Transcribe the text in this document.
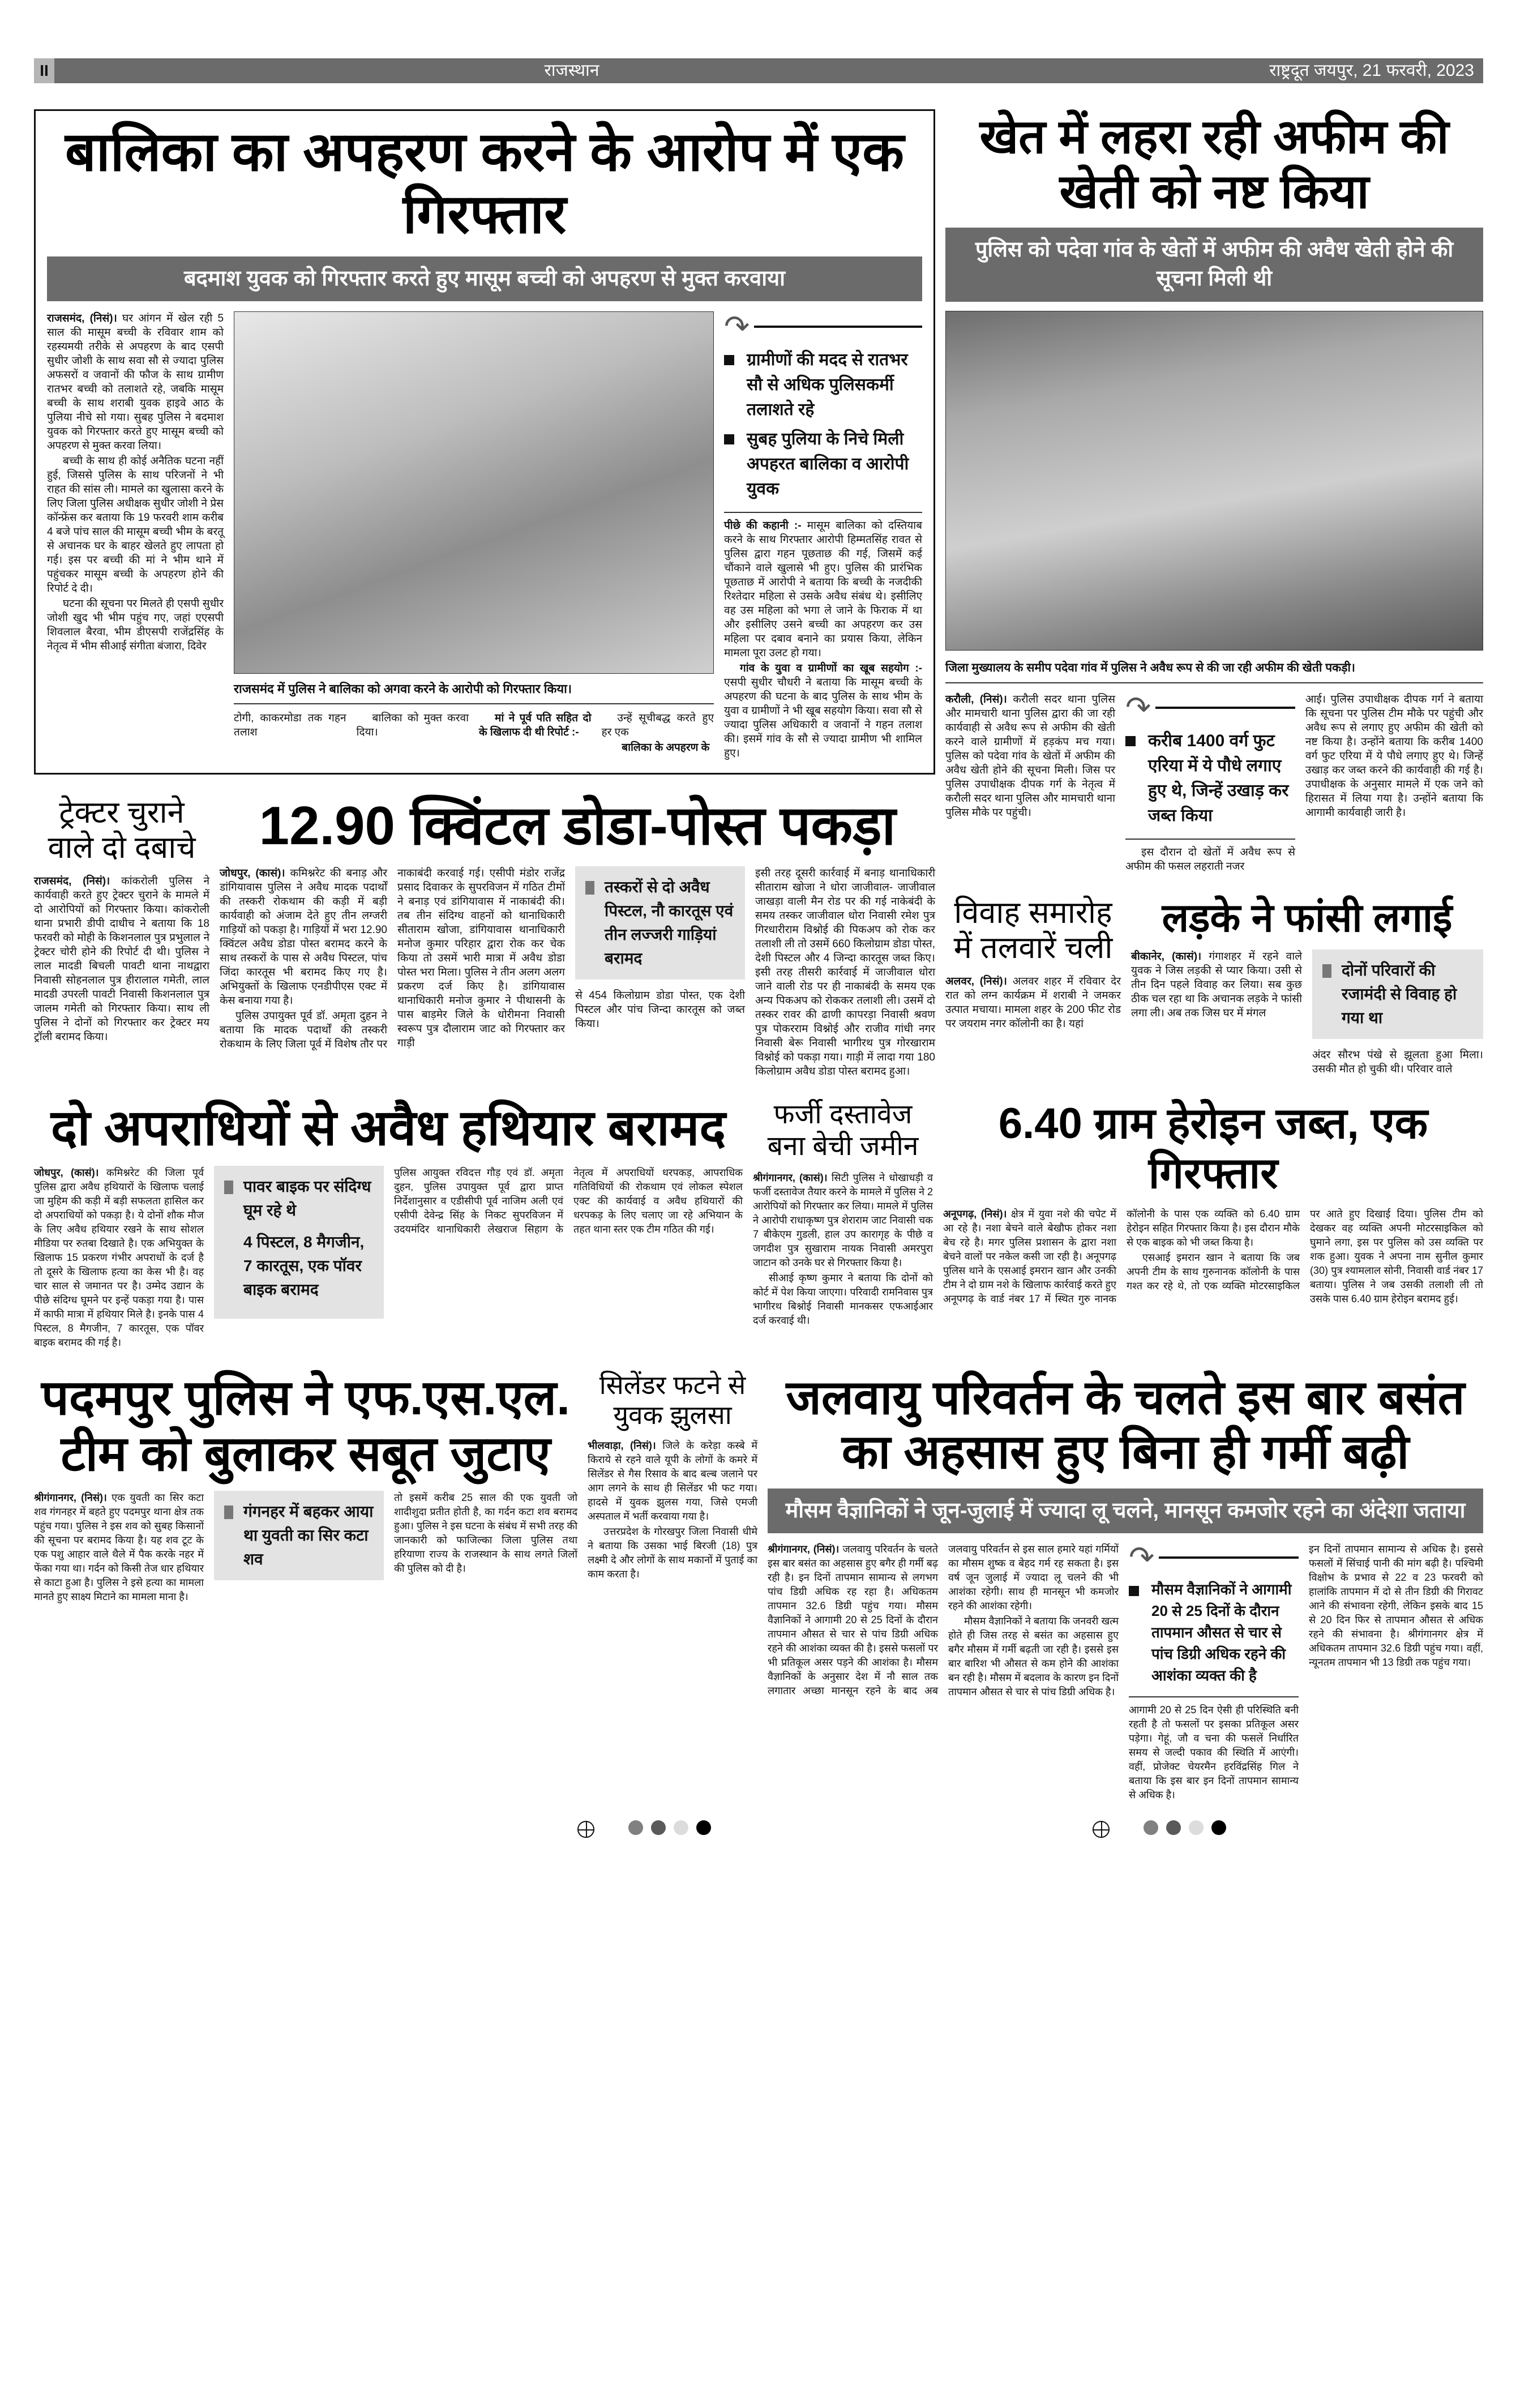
II	राजस्थान	राष्ट्रदूत जयपुर, 21 फरवरी, 2023
बालिका का अपहरण करने के आरोप में एक गिरफ्तार
बदमाश युवक को गिरफ्तार करते हुए मासूम बच्ची को अपहरण से मुक्त करवाया

राजसमंद, (निसं)। घर आंगन में खेल रही 5 साल की मासूम बच्ची के रविवार शाम को रहस्यमयी तरीके से अपहरण के बाद एसपी सुधीर जोशी के साथ सवा सौ से ज्यादा पुलिस अफसरों व जवानों की फौज के साथ ग्रामीण रातभर बच्ची को तलाशते रहे, जबकि मासूम बच्ची के साथ शराबी युवक हाइवे आठ के पुलिया नीचे सो गया। सुबह पुलिस ने बदमाश युवक को गिरफ्तार करते हुए मासूम बच्ची को अपहरण से मुक्त करवा लिया।

बच्ची के साथ ही कोई अनैतिक घटना नहीं हुई, जिससे पुलिस के साथ परिजनों ने भी राहत की सांस ली। मामले का खुलासा करने के लिए जिला पुलिस अधीक्षक सुधीर जोशी ने प्रेस कॉन्फ्रेंस कर बताया कि 19 फरवरी शाम करीब 4 बजे पांच साल की मासूम बच्ची भीम के बरतू से अचानक घर के बाहर खेलते हुए लापता हो गई। इस पर बच्ची की मां ने भीम थाने में पहुंचकर मासूम बच्ची के अपहरण होने की रिपोर्ट दे दी।

घटना की सूचना पर मिलते ही एसपी सुधीर जोशी खुद भी भीम पहुंच गए, जहां एएसपी शिवलाल बैरवा, भीम डीएसपी राजेंद्रसिंह के नेतृत्व में भीम सीआई संगीता बंजारा, दिवेर

राजसमंद में पुलिस ने बालिका को अगवा करने के आरोपी को गिरफ्तार किया।

टोगी, काकरमोडा तक गहन तलाश

बालिका को मुक्त करवा दिया।

मां ने पूर्व पति सहित दो के खिलाफ दी थी रिपोर्ट :-

उन्हें सूचीबद्ध करते हुए हर एक

बालिका के अपहरण के

↷
ग्रामीणों की मदद से रातभर सौ से अधिक पुलिसकर्मी तलाशते रहे
सुबह पुलिया के निचे मिली अपहरत बालिका व आरोपी युवक

पीछे की कहानी :- मासूम बालिका को दस्तियाब करने के साथ गिरफ्तार आरोपी हिम्मतसिंह रावत से पुलिस द्वारा गहन पूछताछ की गई, जिसमें कई चौंकाने वाले खुलासे भी हुए। पुलिस की प्रारंभिक पूछताछ में आरोपी ने बताया कि बच्ची के नजदीकी रिश्तेदार महिला से उसके अवैध संबंध थे। इसीलिए वह उस महिला को भगा ले जाने के फिराक में था और इसीलिए उसने बच्ची का अपहरण कर उस महिला पर दबाव बनाने का प्रयास किया, लेकिन मामला पूरा उलट हो गया।

गांव के युवा व ग्रामीणों का खूब सहयोग :- एसपी सुधीर चौधरी ने बताया कि मासूम बच्ची के अपहरण की घटना के बाद पुलिस के साथ भीम के युवा व ग्रामीणों ने भी खूब सहयोग किया। सवा सौ से ज्यादा पुलिस अधिकारी व जवानों ने गहन तलाश की। इसमें गांव के सौ से ज्यादा ग्रामीण भी शामिल हुए।

ट्रेक्टर चुराने वाले दो दबाचे

राजसमंद, (निसं)। कांकरोली पुलिस ने कार्यवाही करते हुए ट्रेक्टर चुराने के मामले में दो आरोपियों को गिरफ्तार किया। कांकरोली थाना प्रभारी डीपी दाधीच ने बताया कि 18 फरवरी को मोही के किशनलाल पुत्र प्रभुलाल ने ट्रेक्टर चोरी होने की रिपोर्ट दी थी। पुलिस ने लाल मादडी बिचली पावटी थाना नाथद्वारा निवासी सोहनलाल पुत्र हीरालाल गमेती, लाल मादडी उपरली पावटी निवासी किशनलाल पुत्र जालम गमेती को गिरफ्तार किया। साथ ली पुलिस ने दोनों को गिरफ्तार कर ट्रेक्टर मय ट्रॉली बरामद किया।

12.90 क्विंटल डोडा-पोस्त पकड़ा

जोधपुर, (कासं)। कमिश्नरेट की बनाड़ और डांगियावास पुलिस ने अवैध मादक पदार्थों की तस्करी रोकथाम की कड़ी में बड़ी कार्यवाही को अंजाम देते हुए तीन लग्जरी गाड़ियों को पकड़ा है। गाड़ियों में भरा 12.90 क्विंटल अवैध डोडा पोस्त बरामद करने के साथ तस्करों के पास से अवैध पिस्टल, पांच जिंदा कारतूस भी बरामद किए गए है। अभियुक्तों के खिलाफ एनडीपीएस एक्ट में केस बनाया गया है।

पुलिस उपायुक्त पूर्व डॉ. अमृता दुहन ने बताया कि मादक पदार्थों की तस्करी रोकथाम के लिए जिला पूर्व में विशेष तौर पर नाकाबंदी करवाई गई। एसीपी मंडोर राजेंद्र प्रसाद दिवाकर के सुपरविजन में गठित टीमों ने बनाड़ एवं डांगियावास में नाकाबंदी की। तब तीन संदिग्ध वाहनों को थानाधिकारी सीताराम खोजा, डांगियावास थानाधिकारी मनोज कुमार परिहार द्वारा रोक कर चेक किया तो उसमें भारी मात्रा में अवैध डोडा पोस्त भरा मिला। पुलिस ने तीन अलग अलग प्रकरण दर्ज किए है। डांगियावास थानाधिकारी मनोज कुमार ने पीथासनी के पास बाड़मेर जिले के धोरीमना निवासी स्वरूप पुत्र दौलाराम जाट को गिरफ्तार कर गाड़ी

तस्करों से दो अवैध पिस्टल, नौ कारतूस एवं तीन लज्जरी गाड़ियां बरामद

से 454 किलोग्राम डोडा पोस्त, एक देशी पिस्टल और पांच जिन्दा कारतूस को जब्त किया।

इसी तरह दूसरी कार्रवाई में बनाड़ थानाधिकारी सीताराम खोजा ने धोरा जाजीवाल- जाजीवाल जाखड़ा वाली मैन रोड पर की गई नाकेबंदी के समय तस्कर जाजीवाल धोरा निवासी रमेश पुत्र गिरधारीराम विश्नोई की पिकअप को रोक कर तलाशी ली तो उसमें 660 किलोग्राम डोडा पोस्त, देशी पिस्टल और 4 जिन्दा कारतूस जब्त किए। इसी तरह तीसरी कार्रवाई में जाजीवाल धोरा जाने वाली रोड पर ही नाकाबंदी के समय एक अन्य पिकअप को रोककर तलाशी ली। उसमें दो तस्कर रावर की ढाणी कापरड़ा निवासी श्रवण पुत्र पोकरराम विश्नोई और राजीव गांधी नगर निवासी बेरू निवासी भागीरथ पुत्र गोरखाराम विश्नोई को पकड़ा गया। गाड़ी में लादा गया 180 किलोग्राम अवैध डोडा पोस्त बरामद हुआ।

खेत में लहरा रही अफीम की खेती को नष्ट किया
पुलिस को पदेवा गांव के खेतों में अफीम की अवैध खेती होने की सूचना मिली थी
जिला मुख्यालय के समीप पदेवा गांव में पुलिस ने अवैध रूप से की जा रही अफीम की खेती पकड़ी।

करौली, (निसं)। करौली सदर थाना पुलिस और मामचारी थाना पुलिस द्वारा की जा रही कार्यवाही से अवैध रूप से अफीम की खेती करने वाले ग्रामीणों में हड़कंप मच गया। पुलिस को पदेवा गांव के खेतों में अफीम की अवैध खेती होने की सूचना मिली। जिस पर पुलिस उपाधीक्षक दीपक गर्ग के नेतृत्व में करौली सदर थाना पुलिस और मामचारी थाना पुलिस मौके पर पहुंची।

↷
करीब 1400 वर्ग फुट एरिया में ये पौधे लगाए हुए थे, जिन्हें उखाड़ कर जब्त किया

इस दौरान दो खेतों में अवैध रूप से अफीम की फसल लहराती नजर

आई। पुलिस उपाधीक्षक दीपक गर्ग ने बताया कि सूचना पर पुलिस टीम मौके पर पहुंची और अवैध रूप से लगाए हुए अफीम की खेती को नष्ट किया है। उन्होंने बताया कि करीब 1400 वर्ग फुट एरिया में ये पौधे लगाए हुए थे। जिन्हें उखाड़ कर जब्त करने की कार्यवाही की गई है। उपाधीक्षक के अनुसार मामले में एक जने को हिरासत में लिया गया है। उन्होंने बताया कि आगामी कार्यवाही जारी है।

विवाह समारोह में तलवारें चली

अलवर, (निसं)। अलवर शहर में रविवार देर रात को लग्न कार्यक्रम में शराबी ने जमकर उत्पात मचाया। मामला शहर के 200 फीट रोड पर जयराम नगर कॉलोनी का है। यहां

लड़के ने फांसी लगाई

बीकानेर, (कासं)। गंगाशहर में रहने वाले युवक ने जिस लड़की से प्यार किया। उसी से तीन दिन पहले विवाह कर लिया। सब कुछ ठीक चल रहा था कि अचानक लड़के ने फांसी लगा ली। अब तक जिस घर में मंगल

दोनों परिवारों की रजामंदी से विवाह हो गया था

अंदर सौरभ पंखे से झूलता हुआ मिला। उसकी मौत हो चुकी थी। परिवार वाले

दो अपराधियों से अवैध हथियार बरामद

जोधपुर, (कासं)। कमिश्नरेट की जिला पूर्व पुलिस द्वारा अवैध हथियारों के खिलाफ चलाई जा मुहिम की कड़ी में बड़ी सफलता हासिल कर दो अपराधियों को पकड़ा है। ये दोनों शौक मौज के लिए अवैध हथियार रखने के साथ सोशल मीडिया पर रुतबा दिखाते है। एक अभियुक्त के खिलाफ 15 प्रकरण गंभीर अपराधों के दर्ज है तो दूसरे के खिलाफ हत्या का केस भी है। वह चार साल से जमानत पर है। उम्मेद उद्यान के पीछे संदिग्ध घूमने पर इन्हें पकड़ा गया है। पास में काफी मात्रा में हथियार मिले है। इनके पास 4 पिस्टल, 8 मैगजीन, 7 कारतूस, एक पॉवर बाइक बरामद की गई है।

पावर बाइक पर संदिग्ध घूम रहे थे
4 पिस्टल, 8 मैगजीन, 7 कारतूस, एक पॉवर बाइक बरामद

पुलिस आयुक्त रविदत्त गौड़ एवं डॉ. अमृता दुहन, पुलिस उपायुक्त पूर्व द्वारा प्राप्त निर्देशानुसार व एडीसीपी पूर्व नाजिम अली एवं एसीपी देवेन्द्र सिंह के निकट सुपरविजन में उदयमंदिर थानाधिकारी लेखराज सिहाग के नेतृत्व में अपराधियों धरपकड़, आपराधिक गतिविधियों की रोकथाम एवं लोकल स्पेशल एक्ट की कार्यवाई व अवैध हथियारों की धरपकड़ के लिए चलाए जा रहे अभियान के तहत थाना स्तर एक टीम गठित की गई।

फर्जी दस्तावेज बना बेची जमीन

श्रीगंगानगर, (कासं)। सिटी पुलिस ने धोखाधड़ी व फर्जी दस्तावेज तैयार करने के मामले में पुलिस ने 2 आरोपियों को गिरफ्तार कर लिया। मामले में पुलिस ने आरोपी राधाकृष्ण पुत्र शेराराम जाट निवासी चक 7 बीकेएम गुडली, हाल उप कारागृह के पीछे व जगदीश पुत्र सुखाराम नायक निवासी अमरपुरा जाटान को उनके घर से गिरफ्तार किया है।

सीआई कृष्ण कुमार ने बताया कि दोनों को कोर्ट में पेश किया जाएगा। परिवादी रामनिवास पुत्र भागीरथ बिश्नोई निवासी मानकसर एफआईआर दर्ज करवाई थी।

6.40 ग्राम हेरोइन जब्त, एक गिरफ्तार

अनूपगढ़, (निसं)। क्षेत्र में युवा नशे की चपेट में आ रहे है। नशा बेचने वाले बेखौफ होकर नशा बेच रहे है। मगर पुलिस प्रशासन के द्वारा नशा बेचने वालों पर नकेल कसी जा रही है। अनूपगढ़ पुलिस थाने के एसआई इमरान खान और उनकी टीम ने दो ग्राम नशे के खिलाफ कार्रवाई करते हुए अनूपगढ़ के वार्ड नंबर 17 में स्थित गुरु नानक कॉलोनी के पास एक व्यक्ति को 6.40 ग्राम हेरोइन सहित गिरफ्तार किया है। इस दौरान मौके से एक बाइक को भी जब्त किया है।

एसआई इमरान खान ने बताया कि जब अपनी टीम के साथ गुरुनानक कॉलोनी के पास गश्त कर रहे थे, तो एक व्यक्ति मोटरसाइकिल पर आते हुए दिखाई दिया। पुलिस टीम को देखकर वह व्यक्ति अपनी मोटरसाइकिल को घुमाने लगा, इस पर पुलिस को उस व्यक्ति पर शक हुआ। युवक ने अपना नाम सुनील कुमार (30) पुत्र श्यामलाल सोनी, निवासी वार्ड नंबर 17 बताया। पुलिस ने जब उसकी तलाशी ली तो उसके पास 6.40 ग्राम हेरोइन बरामद हुई।

पदमपुर पुलिस ने एफ.एस.एल. टीम को बुलाकर सबूत जुटाए

श्रीगंगानगर, (निसं)। एक युवती का सिर कटा शव गंगनहर में बहते हुए पदमपुर थाना क्षेत्र तक पहुंच गया। पुलिस ने इस शव को सुबह किसानों की सूचना पर बरामद किया है। यह शव टूट के एक पशु आहार वाले थैले में पैक करके नहर में फेंका गया था। गर्दन को किसी तेज धार हथियार से काटा हुआ है। पुलिस ने इसे हत्या का मामला मानते हुए साक्ष्य मिटाने का मामला माना है।

गंगनहर में बहकर आया था युवती का सिर कटा शव

तो इसमें करीब 25 साल की एक युवती जो शादीशुदा प्रतीत होती है, का गर्दन कटा शव बरामद हुआ। पुलिस ने इस घटना के संबंध में सभी तरह की जानकारी को फाजिल्का जिला पुलिस तथा हरियाणा राज्य के राजस्थान के साथ लगते जिलों की पुलिस को दी है।

सिलेंडर फटने से युवक झुलसा

भीलवाड़ा, (निसं)। जिले के करेड़ा कस्बे में किराये से रहने वाले यूपी के लोगों के कमरे में सिलेंडर से गैस रिसाव के बाद बल्ब जलाने पर आग लगने के साथ ही सिलेंडर भी फट गया। हादसे में युवक झुलस गया, जिसे एमजी अस्पताल में भर्ती करवाया गया है।

उत्तरप्रदेश के गोरखपुर जिला निवासी धीमे ने बताया कि उसका भाई बिरजी (18) पुत्र लक्ष्मी दे और लोगों के साथ मकानों में पुताई का काम करता है।

जलवायु परिवर्तन के चलते इस बार बसंत का अहसास हुए बिना ही गर्मी बढ़ी
मौसम वैज्ञानिकों ने जून-जुलाई में ज्यादा लू चलने, मानसून कमजोर रहने का अंदेशा जताया

श्रीगंगानगर, (निसं)। जलवायु परिवर्तन के चलते इस बार बसंत का अहसास हुए बगैर ही गर्मी बढ़ रही है। इन दिनों तापमान सामान्य से लगभग पांच डिग्री अधिक रह रहा है। अधिकतम तापमान 32.6 डिग्री पहुंच गया। मौसम वैज्ञानिकों ने आगामी 20 से 25 दिनों के दौरान तापमान औसत से चार से पांच डिग्री अधिक रहने की आशंका व्यक्त की है। इससे फसलों पर भी प्रतिकूल असर पड़ने की आशंका है। मौसम वैज्ञानिकों के अनुसार देश में नौ साल तक लगातार अच्छा मानसून रहने के बाद अब जलवायु परिवर्तन से इस साल हमारे यहां गर्मियों का मौसम शुष्क व बेहद गर्म रह सकता है। इस वर्ष जून जुलाई में ज्यादा लू चलने की भी आशंका रहेगी। साथ ही मानसून भी कमजोर रहने की आशंका रहेगी।

मौसम वैज्ञानिकों ने बताया कि जनवरी खत्म होते ही जिस तरह से बसंत का अहसास हुए बगैर मौसम में गर्मी बढ़ती जा रही है। इससे इस बार बारिश भी औसत से कम होने की आशंका बन रही है। मौसम में बदलाव के कारण इन दिनों तापमान औसत से चार से पांच डिग्री अधिक है।

↷
मौसम वैज्ञानिकों ने आगामी 20 से 25 दिनों के दौरान तापमान औसत से चार से पांच डिग्री अधिक रहने की आशंका व्यक्त की है

आगामी 20 से 25 दिन ऐसी ही परिस्थिति बनी रहती है तो फसलों पर इसका प्रतिकूल असर पड़ेगा। गेहूं, जौ व चना की फसलें निर्धारित समय से जल्दी पकाव की स्थिति में आएंगी। वहीं, प्रोजेक्ट चेयरमैन हरविंद्रसिंह गिल ने बताया कि इस बार इन दिनों तापमान सामान्य से अधिक है।

इन दिनों तापमान सामान्य से अधिक है। इससे फसलों में सिंचाई पानी की मांग बढ़ी है। पश्चिमी विक्षोभ के प्रभाव से 22 व 23 फरवरी को हालांकि तापमान में दो से तीन डिग्री की गिरावट आने की संभावना रहेगी, लेकिन इसके बाद 15 से 20 दिन फिर से तापमान औसत से अधिक रहने की संभावना है। श्रीगंगानगर क्षेत्र में अधिकतम तापमान 32.6 डिग्री पहुंच गया। वहीं, न्यूनतम तापमान भी 13 डिग्री तक पहुंच गया।
